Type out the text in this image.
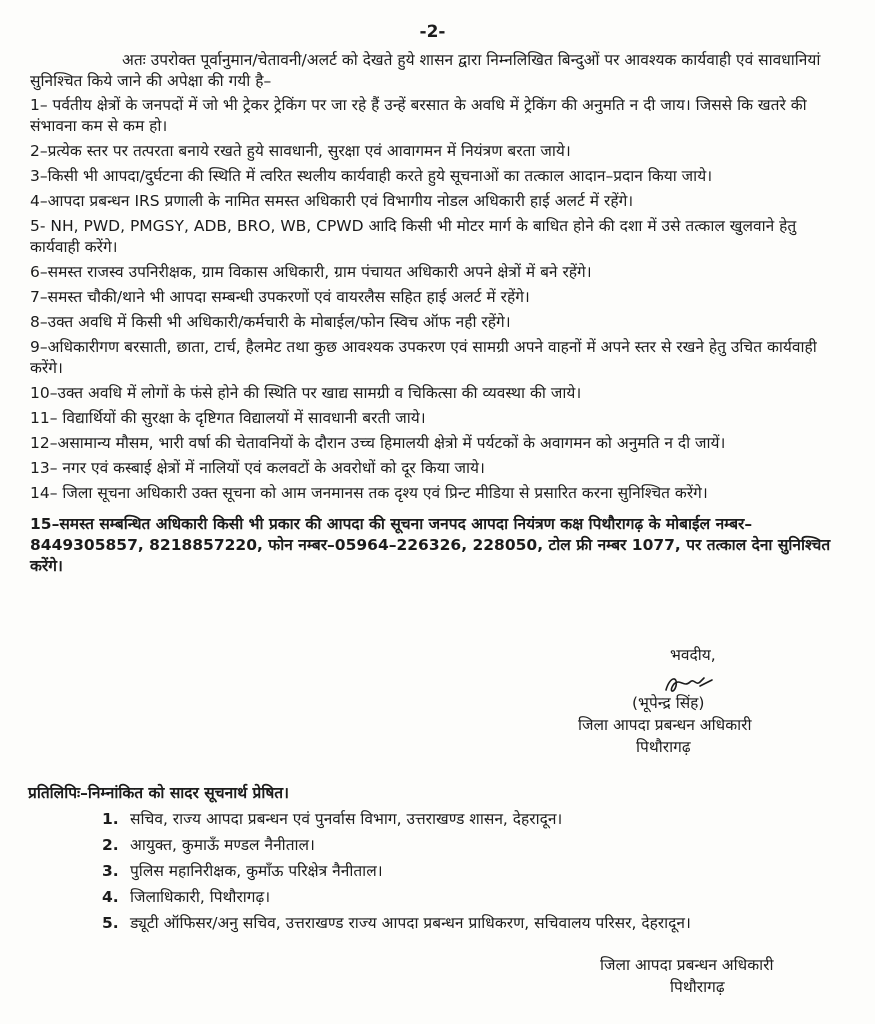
-2-

अतः उपरोक्त पूर्वानुमान/चेतावनी/अलर्ट को देखते हुये शासन द्वारा निम्नलिखित बिन्दुओं पर आवश्यक कार्यवाही एवं सावधानियां सुनिश्चित किये जाने की अपेक्षा की गयी है–

1– पर्वतीय क्षेत्रों के जनपदों में जो भी ट्रेकर ट्रेकिंग पर जा रहे हैं उन्हें बरसात के अवधि में ट्रेकिंग की अनुमति न दी जाय। जिससे कि खतरे की संभावना कम से कम हो।

2–प्रत्येक स्तर पर तत्परता बनाये रखते हुये सावधानी, सुरक्षा एवं आवागमन में नियंत्रण बरता जाये।

3–किसी भी आपदा/दुर्घटना की स्थिति में त्वरित स्थलीय कार्यवाही करते हुये सूचनाओं का तत्काल आदान–प्रदान किया जाये।

4–आपदा प्रबन्धन IRS प्रणाली के नामित समस्त अधिकारी एवं विभागीय नोडल अधिकारी हाई अलर्ट में रहेंगे।

5- NH, PWD, PMGSY, ADB, BRO, WB, CPWD आदि किसी भी मोटर मार्ग के बाधित होने की दशा में उसे तत्काल खुलवाने हेतु कार्यवाही करेंगे।

6–समस्त राजस्व उपनिरीक्षक, ग्राम विकास अधिकारी, ग्राम पंचायत अधिकारी अपने क्षेत्रों में बने रहेंगे।

7–समस्त चौकी/थाने भी आपदा सम्बन्धी उपकरणों एवं वायरलैस सहित हाई अलर्ट में रहेंगे।

8–उक्त अवधि में किसी भी अधिकारी/कर्मचारी के मोबाईल/फोन स्विच ऑफ नही रहेंगे।

9–अधिकारीगण बरसाती, छाता, टार्च, हैलमेट तथा कुछ आवश्यक उपकरण एवं सामग्री अपने वाहनों में अपने स्तर से रखने हेतु उचित कार्यवाही करेंगे।

10–उक्त अवधि में लोगों के फंसे होने की स्थिति पर खाद्य सामग्री व चिकित्सा की व्यवस्था की जाये।

11– विद्यार्थियों की सुरक्षा के दृष्टिगत विद्यालयों में सावधानी बरती जाये।

12–असामान्य मौसम, भारी वर्षा की चेतावनियों के दौरान उच्च हिमालयी क्षेत्रो में पर्यटकों के अवागमन को अनुमति न दी जायें।

13– नगर एवं कस्बाई क्षेत्रों में नालियों एवं कलवटों के अवरोधों को दूर किया जाये।

14– जिला सूचना अधिकारी उक्त सूचना को आम जनमानस तक दृश्य एवं प्रिन्ट मीडिया से प्रसारित करना सुनिश्चित करेंगे।

15–समस्त सम्बन्धित अधिकारी किसी भी प्रकार की आपदा की सूचना जनपद आपदा नियंत्रण कक्ष पिथौरागढ़ के मोबाईल नम्बर–8449305857, 8218857220, फोन नम्बर–05964–226326, 228050, टोल फ्री नम्बर 1077, पर तत्काल देना सुनिश्चित करेंगे।

भवदीय,
(भूपेन्द्र सिंह)
जिला आपदा प्रबन्धन अधिकारी
पिथौरागढ़
प्रतिलिपिः–निम्नांकित को सादर सूचनार्थ प्रेषित।
1. सचिव, राज्य आपदा प्रबन्धन एवं पुनर्वास विभाग, उत्तराखण्ड शासन, देहरादून।
2. आयुक्त, कुमाऊँ मण्डल नैनीताल।
3. पुलिस महानिरीक्षक, कुमाँऊ परिक्षेत्र नैनीताल।
4. जिलाधिकारी, पिथौरागढ़।
5. ड्यूटी ऑफिसर/अनु सचिव, उत्तराखण्ड राज्य आपदा प्रबन्धन प्राधिकरण, सचिवालय परिसर, देहरादून।
जिला आपदा प्रबन्धन अधिकारी
पिथौरागढ़
